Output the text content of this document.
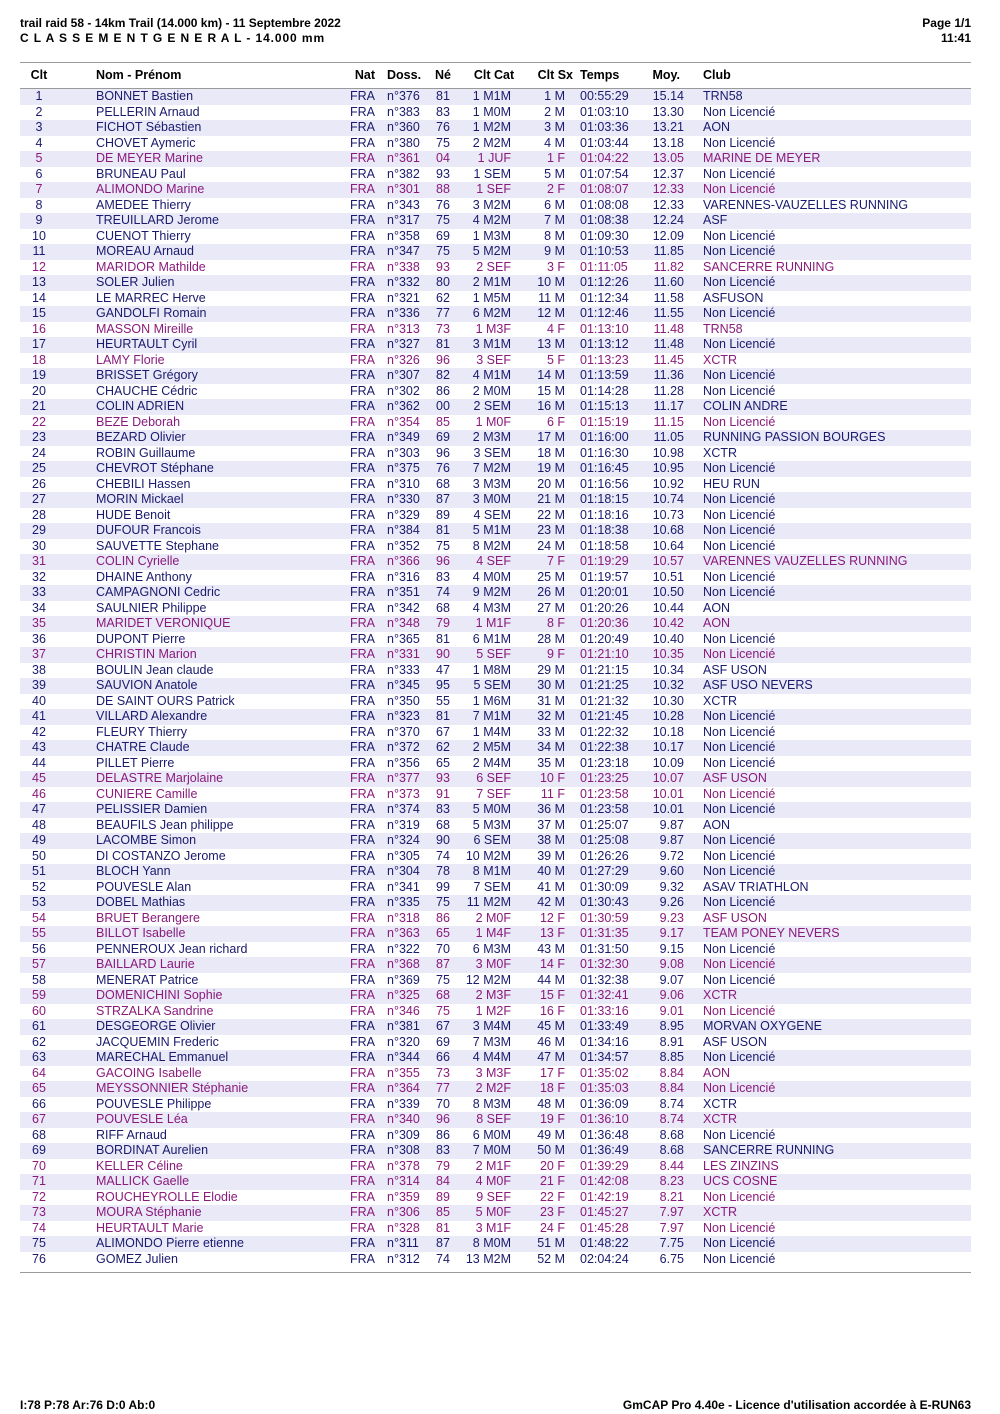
trail raid 58 - 14km Trail (14.000 km) - 11 Septembre 2022
C L A S S E M E N T G E N E R A L - 14.000 mm
Page 1/1
11:41
Clt	Nom - Prénom	Nat	Doss.	Né	Clt Cat	Clt Sx	Temps	Moy.	Club
1	BONNET Bastien	FRA	n°376	81	1 M1M	1 M	00:55:29	15.14	TRN58
2	PELLERIN Arnaud	FRA	n°383	83	1 M0M	2 M	01:03:10	13.30	Non Licencié
3	FICHOT Sébastien	FRA	n°360	76	1 M2M	3 M	01:03:36	13.21	AON
4	CHOVET Aymeric	FRA	n°380	75	2 M2M	4 M	01:03:44	13.18	Non Licencié
5	DE MEYER Marine	FRA	n°361	04	1 JUF	1 F	01:04:22	13.05	MARINE DE MEYER
6	BRUNEAU Paul	FRA	n°382	93	1 SEM	5 M	01:07:54	12.37	Non Licencié
7	ALIMONDO Marine	FRA	n°301	88	1 SEF	2 F	01:08:07	12.33	Non Licencié
8	AMEDEE Thierry	FRA	n°343	76	3 M2M	6 M	01:08:08	12.33	VARENNES-VAUZELLES RUNNING
9	TREUILLARD Jerome	FRA	n°317	75	4 M2M	7 M	01:08:38	12.24	ASF
10	CUENOT Thierry	FRA	n°358	69	1 M3M	8 M	01:09:30	12.09	Non Licencié
11	MOREAU Arnaud	FRA	n°347	75	5 M2M	9 M	01:10:53	11.85	Non Licencié
12	MARIDOR Mathilde	FRA	n°338	93	2 SEF	3 F	01:11:05	11.82	SANCERRE RUNNING
13	SOLER Julien	FRA	n°332	80	2 M1M	10 M	01:12:26	11.60	Non Licencié
14	LE MARREC Herve	FRA	n°321	62	1 M5M	11 M	01:12:34	11.58	ASFUSON
15	GANDOLFI Romain	FRA	n°336	77	6 M2M	12 M	01:12:46	11.55	Non Licencié
16	MASSON Mireille	FRA	n°313	73	1 M3F	4 F	01:13:10	11.48	TRN58
17	HEURTAULT Cyril	FRA	n°327	81	3 M1M	13 M	01:13:12	11.48	Non Licencié
18	LAMY Florie	FRA	n°326	96	3 SEF	5 F	01:13:23	11.45	XCTR
19	BRISSET Grégory	FRA	n°307	82	4 M1M	14 M	01:13:59	11.36	Non Licencié
20	CHAUCHE Cédric	FRA	n°302	86	2 M0M	15 M	01:14:28	11.28	Non Licencié
21	COLIN ADRIEN	FRA	n°362	00	2 SEM	16 M	01:15:13	11.17	COLIN ANDRE
22	BEZE Deborah	FRA	n°354	85	1 M0F	6 F	01:15:19	11.15	Non Licencié
23	BEZARD Olivier	FRA	n°349	69	2 M3M	17 M	01:16:00	11.05	RUNNING PASSION BOURGES
24	ROBIN Guillaume	FRA	n°303	96	3 SEM	18 M	01:16:30	10.98	XCTR
25	CHEVROT Stéphane	FRA	n°375	76	7 M2M	19 M	01:16:45	10.95	Non Licencié
26	CHEBILI Hassen	FRA	n°310	68	3 M3M	20 M	01:16:56	10.92	HEU RUN
27	MORIN Mickael	FRA	n°330	87	3 M0M	21 M	01:18:15	10.74	Non Licencié
28	HUDE Benoit	FRA	n°329	89	4 SEM	22 M	01:18:16	10.73	Non Licencié
29	DUFOUR Francois	FRA	n°384	81	5 M1M	23 M	01:18:38	10.68	Non Licencié
30	SAUVETTE Stephane	FRA	n°352	75	8 M2M	24 M	01:18:58	10.64	Non Licencié
31	COLIN Cyrielle	FRA	n°366	96	4 SEF	7 F	01:19:29	10.57	VARENNES VAUZELLES RUNNING
32	DHAINE Anthony	FRA	n°316	83	4 M0M	25 M	01:19:57	10.51	Non Licencié
33	CAMPAGNONI Cedric	FRA	n°351	74	9 M2M	26 M	01:20:01	10.50	Non Licencié
34	SAULNIER Philippe	FRA	n°342	68	4 M3M	27 M	01:20:26	10.44	AON
35	MARIDET VERONIQUE	FRA	n°348	79	1 M1F	8 F	01:20:36	10.42	AON
36	DUPONT Pierre	FRA	n°365	81	6 M1M	28 M	01:20:49	10.40	Non Licencié
37	CHRISTIN Marion	FRA	n°331	90	5 SEF	9 F	01:21:10	10.35	Non Licencié
38	BOULIN Jean claude	FRA	n°333	47	1 M8M	29 M	01:21:15	10.34	ASF USON
39	SAUVION Anatole	FRA	n°345	95	5 SEM	30 M	01:21:25	10.32	ASF USO NEVERS
40	DE SAINT OURS Patrick	FRA	n°350	55	1 M6M	31 M	01:21:32	10.30	XCTR
41	VILLARD Alexandre	FRA	n°323	81	7 M1M	32 M	01:21:45	10.28	Non Licencié
42	FLEURY Thierry	FRA	n°370	67	1 M4M	33 M	01:22:32	10.18	Non Licencié
43	CHATRE Claude	FRA	n°372	62	2 M5M	34 M	01:22:38	10.17	Non Licencié
44	PILLET Pierre	FRA	n°356	65	2 M4M	35 M	01:23:18	10.09	Non Licencié
45	DELASTRE Marjolaine	FRA	n°377	93	6 SEF	10 F	01:23:25	10.07	ASF USON
46	CUNIERE Camille	FRA	n°373	91	7 SEF	11 F	01:23:58	10.01	Non Licencié
47	PELISSIER Damien	FRA	n°374	83	5 M0M	36 M	01:23:58	10.01	Non Licencié
48	BEAUFILS Jean philippe	FRA	n°319	68	5 M3M	37 M	01:25:07	9.87	AON
49	LACOMBE Simon	FRA	n°324	90	6 SEM	38 M	01:25:08	9.87	Non Licencié
50	DI COSTANZO Jerome	FRA	n°305	74	10 M2M	39 M	01:26:26	9.72	Non Licencié
51	BLOCH Yann	FRA	n°304	78	8 M1M	40 M	01:27:29	9.60	Non Licencié
52	POUVESLE Alan	FRA	n°341	99	7 SEM	41 M	01:30:09	9.32	ASAV TRIATHLON
53	DOBEL Mathias	FRA	n°335	75	11 M2M	42 M	01:30:43	9.26	Non Licencié
54	BRUET Berangere	FRA	n°318	86	2 M0F	12 F	01:30:59	9.23	ASF USON
55	BILLOT Isabelle	FRA	n°363	65	1 M4F	13 F	01:31:35	9.17	TEAM PONEY NEVERS
56	PENNEROUX Jean richard	FRA	n°322	70	6 M3M	43 M	01:31:50	9.15	Non Licencié
57	BAILLARD Laurie	FRA	n°368	87	3 M0F	14 F	01:32:30	9.08	Non Licencié
58	MENERAT Patrice	FRA	n°369	75	12 M2M	44 M	01:32:38	9.07	Non Licencié
59	DOMENICHINI Sophie	FRA	n°325	68	2 M3F	15 F	01:32:41	9.06	XCTR
60	STRZALKA Sandrine	FRA	n°346	75	1 M2F	16 F	01:33:16	9.01	Non Licencié
61	DESGEORGE Olivier	FRA	n°381	67	3 M4M	45 M	01:33:49	8.95	MORVAN OXYGENE
62	JACQUEMIN Frederic	FRA	n°320	69	7 M3M	46 M	01:34:16	8.91	ASF USON
63	MARECHAL Emmanuel	FRA	n°344	66	4 M4M	47 M	01:34:57	8.85	Non Licencié
64	GACOING Isabelle	FRA	n°355	73	3 M3F	17 F	01:35:02	8.84	AON
65	MEYSSONNIER Stéphanie	FRA	n°364	77	2 M2F	18 F	01:35:03	8.84	Non Licencié
66	POUVESLE Philippe	FRA	n°339	70	8 M3M	48 M	01:36:09	8.74	XCTR
67	POUVESLE Léa	FRA	n°340	96	8 SEF	19 F	01:36:10	8.74	XCTR
68	RIFF Arnaud	FRA	n°309	86	6 M0M	49 M	01:36:48	8.68	Non Licencié
69	BORDINAT Aurelien	FRA	n°308	83	7 M0M	50 M	01:36:49	8.68	SANCERRE RUNNING
70	KELLER Céline	FRA	n°378	79	2 M1F	20 F	01:39:29	8.44	LES ZINZINS
71	MALLICK Gaelle	FRA	n°314	84	4 M0F	21 F	01:42:08	8.23	UCS COSNE
72	ROUCHEYROLLE Elodie	FRA	n°359	89	9 SEF	22 F	01:42:19	8.21	Non Licencié
73	MOURA Stéphanie	FRA	n°306	85	5 M0F	23 F	01:45:27	7.97	XCTR
74	HEURTAULT Marie	FRA	n°328	81	3 M1F	24 F	01:45:28	7.97	Non Licencié
75	ALIMONDO Pierre etienne	FRA	n°311	87	8 M0M	51 M	01:48:22	7.75	Non Licencié
76	GOMEZ Julien	FRA	n°312	74	13 M2M	52 M	02:04:24	6.75	Non Licencié
I:78 P:78 Ar:76 D:0 Ab:0	GmCAP Pro 4.40e - Licence d'utilisation accordée à E-RUN63
